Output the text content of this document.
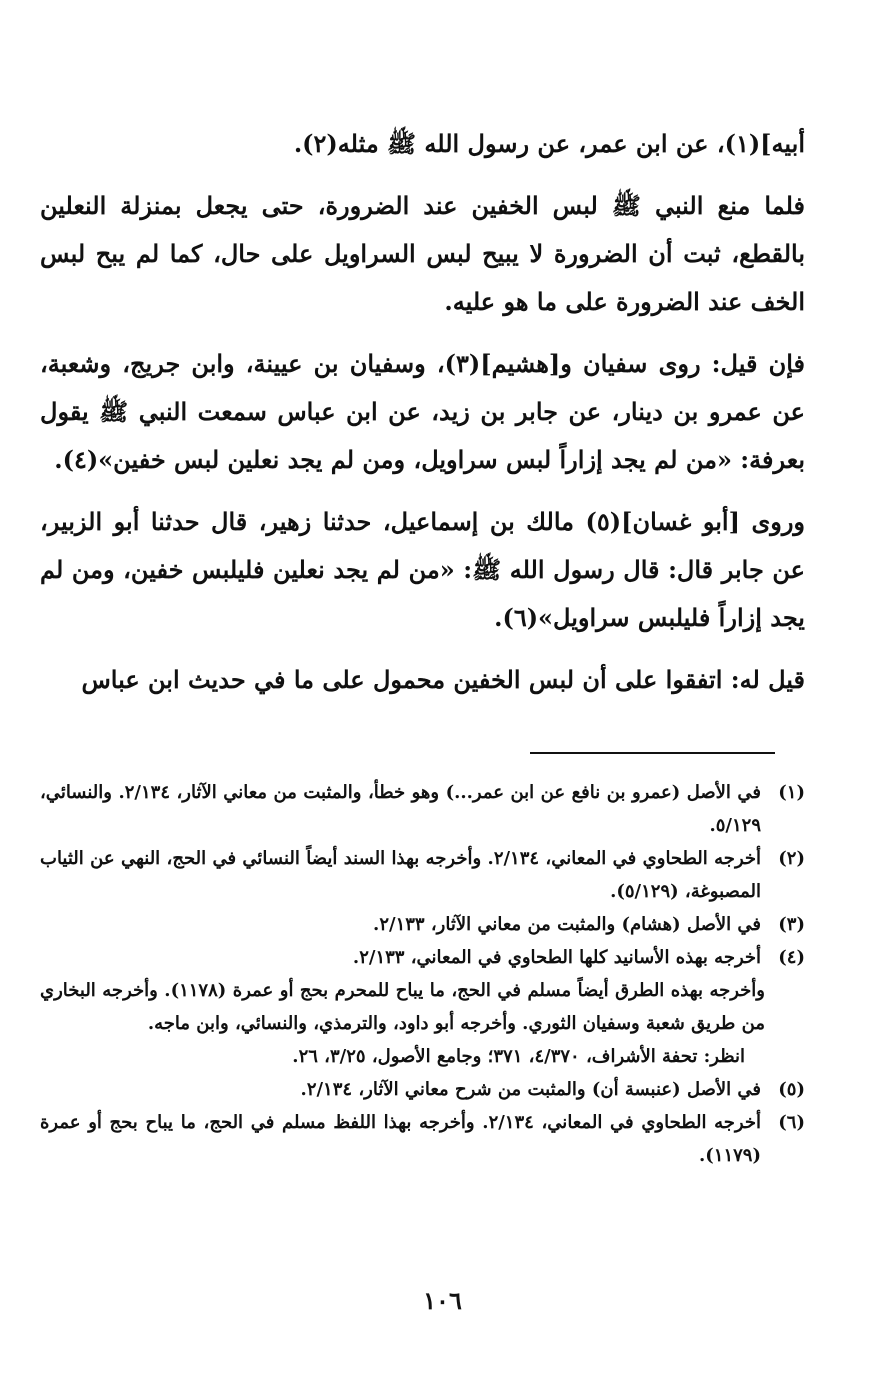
أبيه](١)، عن ابن عمر، عن رسول الله ﷺ مثله(٢).

فلما منع النبي ﷺ لبس الخفين عند الضرورة، حتى يجعل بمنزلة النعلين بالقطع، ثبت أن الضرورة لا يبيح لبس السراويل على حال، كما لم يبح لبس الخف عند الضرورة على ما هو عليه.

فإن قيل: روى سفيان و[هشيم](٣)، وسفيان بن عيينة، وابن جريج، وشعبة، عن عمرو بن دينار، عن جابر بن زيد، عن ابن عباس سمعت النبي ﷺ يقول بعرفة: «من لم يجد إزاراً لبس سراويل، ومن لم يجد نعلين لبس خفين»(٤).

وروى [أبو غسان](٥) مالك بن إسماعيل، حدثنا زهير، قال حدثنا أبو الزبير، عن جابر قال: قال رسول الله ﷺ: «من لم يجد نعلين فليلبس خفين، ومن لم يجد إزاراً فليلبس سراويل»(٦).

قيل له: اتفقوا على أن لبس الخفين محمول على ما في حديث ابن عباس

(١)
في الأصل (عمرو بن نافع عن ابن عمر...) وهو خطأ، والمثبت من معاني الآثار، ٢/١٣٤. والنسائي، ٥/١٢٩.
(٢)
أخرجه الطحاوي في المعاني، ٢/١٣٤. وأخرجه بهذا السند أيضاً النسائي في الحج، النهي عن الثياب المصبوغة، (٥/١٢٩).
(٣)
في الأصل (هشام) والمثبت من معاني الآثار، ٢/١٣٣.
(٤)
أخرجه بهذه الأسانيد كلها الطحاوي في المعاني، ٢/١٣٣.
وأخرجه بهذه الطرق أيضاً مسلم في الحج، ما يباح للمحرم بحج أو عمرة (١١٧٨). وأخرجه البخاري من طريق شعبة وسفيان الثوري. وأخرجه أبو داود، والترمذي، والنسائي، وابن ماجه.
انظر: تحفة الأشراف، ٤/٣٧٠، ٣٧١؛ وجامع الأصول، ٣/٢٥، ٢٦.
(٥)
في الأصل (عنبسة أن) والمثبت من شرح معاني الآثار، ٢/١٣٤.
(٦)
أخرجه الطحاوي في المعاني، ٢/١٣٤. وأخرجه بهذا اللفظ مسلم في الحج، ما يباح بحج أو عمرة (١١٧٩).
١٠٦
